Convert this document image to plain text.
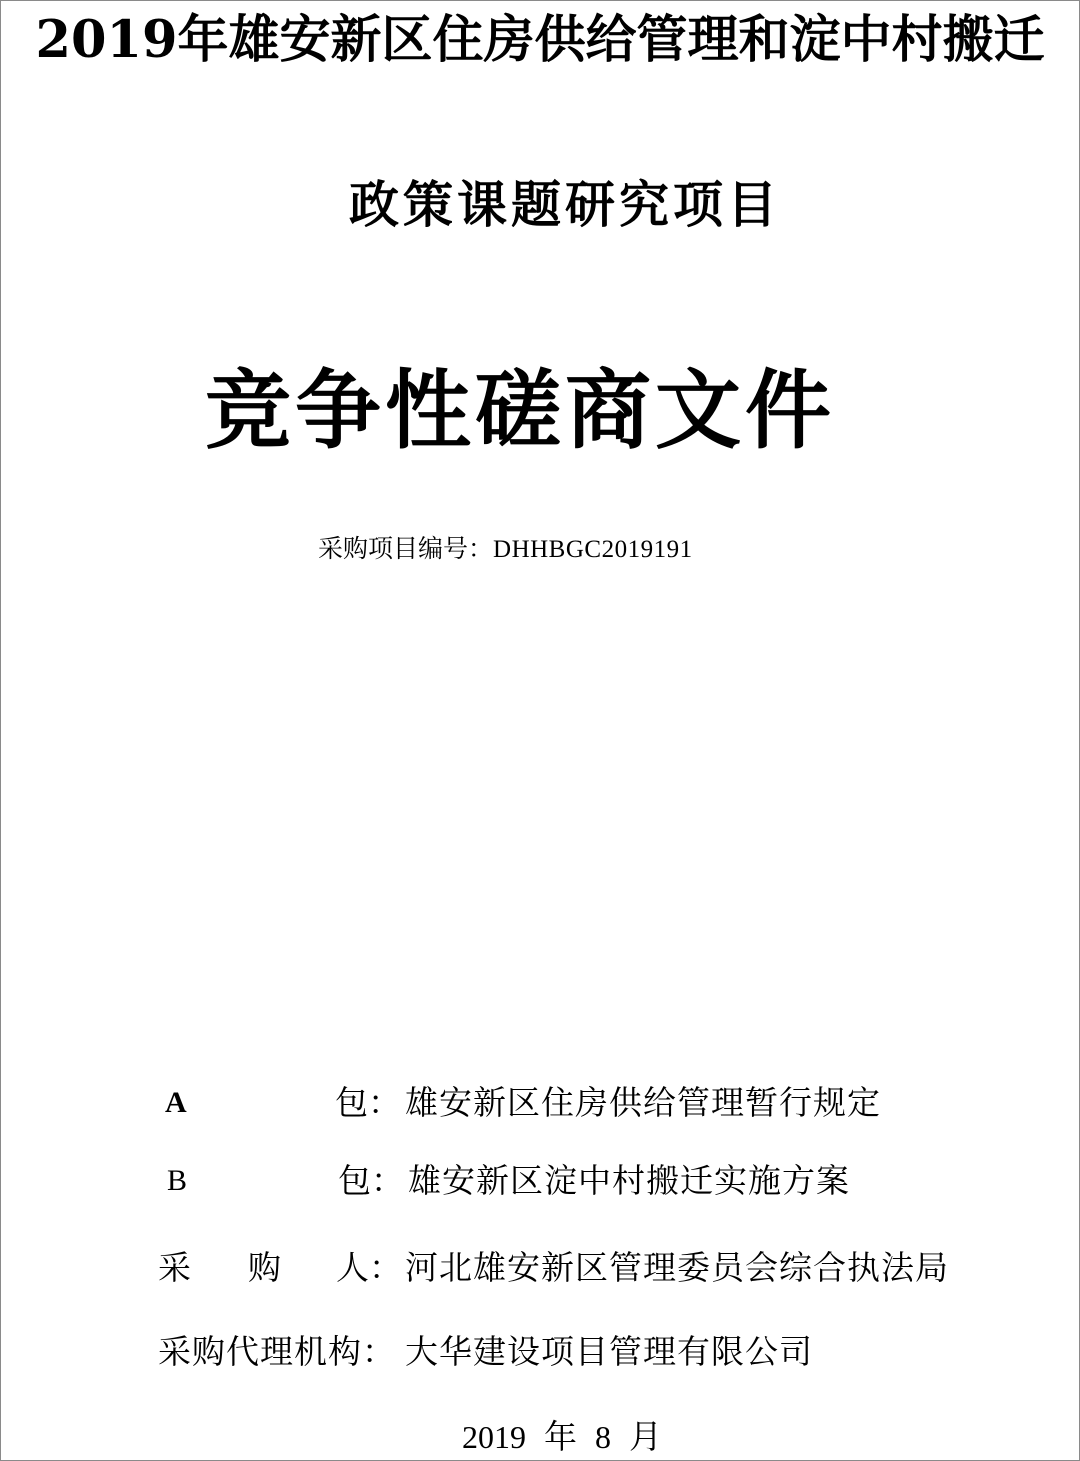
2019年雄安新区住房供给管理和淀中村搬迁
政策课题研究项目
竞争性磋商文件
采购项目编号：DHHBGC2019191
A	包： 雄安新区住房供给管理暂行规定
B	包： 雄安新区淀中村搬迁实施方案
采 购 人： 河北雄安新区管理委员会综合执法局
采购代理机构： 大华建设项目管理有限公司
2019 年 8 月
